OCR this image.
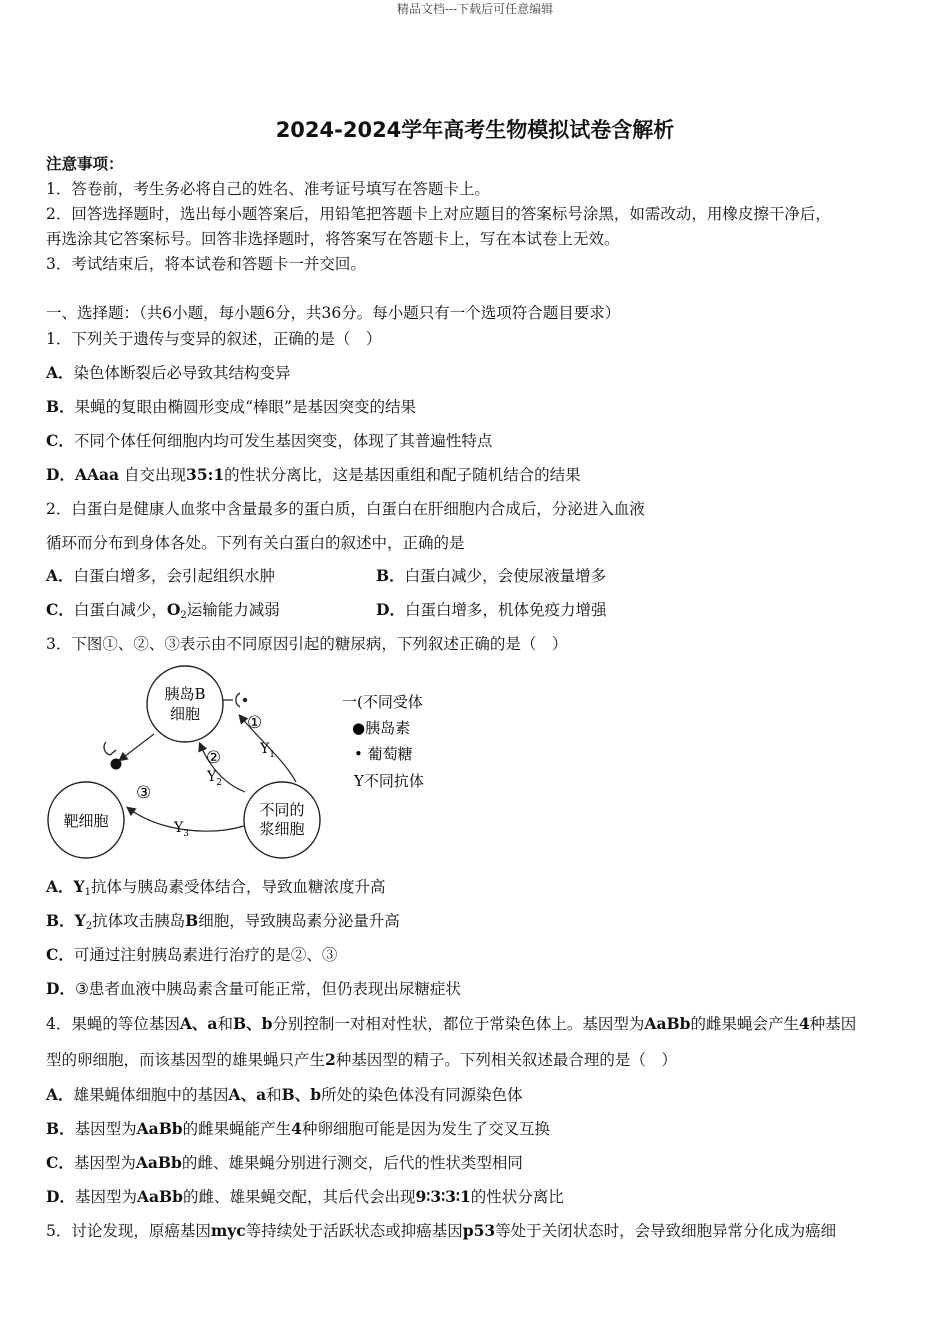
精品文档---下载后可任意编辑
2024-2024学年高考生物模拟试卷含解析
注意事项：
1．答卷前，考生务必将自己的姓名、准考证号填写在答题卡上。
2．回答选择题时，选出每小题答案后，用铅笔把答题卡上对应题目的答案标号涂黑，如需改动，用橡皮擦干净后，
再选涂其它答案标号。回答非选择题时，将答案写在答题卡上，写在本试卷上无效。
3．考试结束后，将本试卷和答题卡一并交回。
一、选择题：（共6小题，每小题6分，共36分。每小题只有一个选项符合题目要求）
1．下列关于遗传与变异的叙述，正确的是（　）
A．染色体断裂后必导致其结构变异
B．果蝇的复眼由椭圆形变成“棒眼”是基因突变的结果
C．不同个体任何细胞内均可发生基因突变，体现了其普遍性特点
D．AAaa 自交出现35:1的性状分离比，这是基因重组和配子随机结合的结果
2．白蛋白是健康人血浆中含量最多的蛋白质，白蛋白在肝细胞内合成后，分泌进入血液
循环而分布到身体各处。下列有关白蛋白的叙述中，正确的是
A．白蛋白增多，会引起组织水肿	B．白蛋白减少，会使尿液量增多
C．白蛋白减少，$O_2$运输能力减弱	D．白蛋白增多，机体免疫力增强
3．下图①、②、③表示由不同原因引起的糖尿病，下列叙述正确的是（　）
胰岛B
细胞
靶细胞
不同的
浆细胞
①
②
③
$Y_1$
$Y_2$
$Y_3$
一(不同受体
●胰岛素
• 葡萄糖
Y不同抗体
A．$Y_1$抗体与胰岛素受体结合，导致血糖浓度升高
B．$Y_2$抗体攻击胰岛B细胞，导致胰岛素分泌量升高
C．可通过注射胰岛素进行治疗的是②、③
D．③患者血液中胰岛素含量可能正常，但仍表现出尿糖症状
4．果蝇的等位基因A、a和B、b分别控制一对相对性状，都位于常染色体上。基因型为AaBb的雌果蝇会产生4种基因
型的卵细胞，而该基因型的雄果蝇只产生2种基因型的精子。下列相关叙述最合理的是（　）
A．雄果蝇体细胞中的基因A、a和B、b所处的染色体没有同源染色体
B．基因型为AaBb的雌果蝇能产生4种卵细胞可能是因为发生了交叉互换
C．基因型为AaBb的雌、雄果蝇分别进行测交，后代的性状类型相同
D．基因型为AaBb的雌、雄果蝇交配，其后代会出现9∶3∶3∶1的性状分离比
5．讨论发现，原癌基因myc等持续处于活跃状态或抑癌基因p53等处于关闭状态时，会导致细胞异常分化成为癌细
